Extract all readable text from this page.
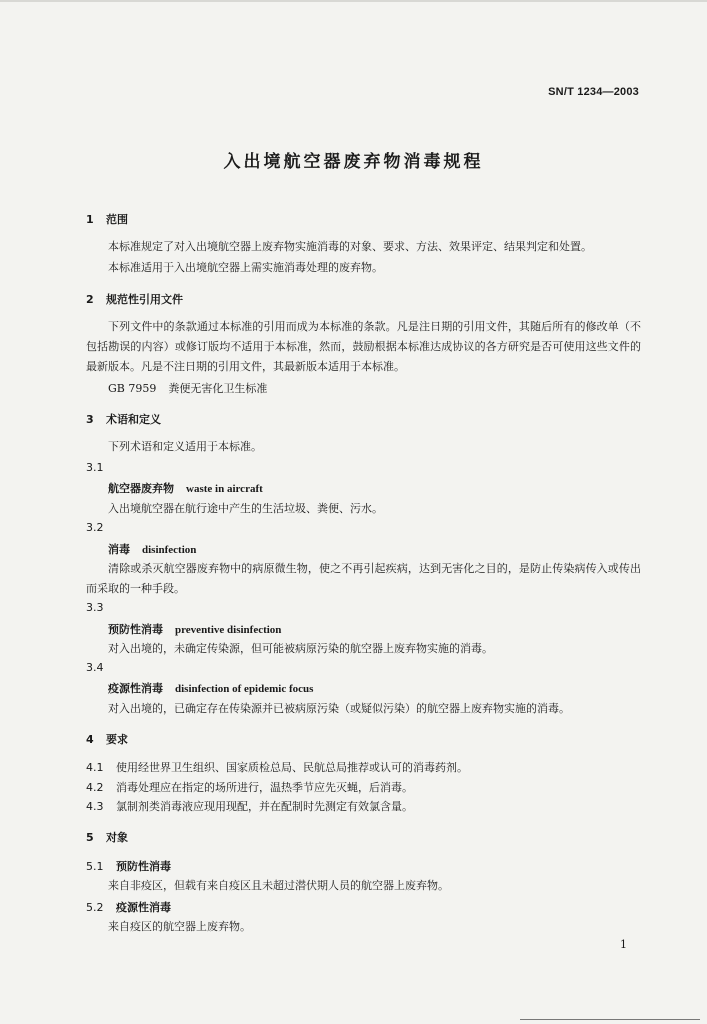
SN/T 1234—2003
入出境航空器废弃物消毒规程
1 范围
本标准规定了对入出境航空器上废弃物实施消毒的对象、要求、方法、效果评定、结果判定和处置。
本标准适用于入出境航空器上需实施消毒处理的废弃物。
2 规范性引用文件
下列文件中的条款通过本标准的引用而成为本标准的条款。凡是注日期的引用文件，其随后所有的修改单（不包括勘误的内容）或修订版均不适用于本标准，然而，鼓励根据本标准达成协议的各方研究是否可使用这些文件的最新版本。凡是不注日期的引用文件，其最新版本适用于本标准。
GB 7959 粪便无害化卫生标准
3 术语和定义
下列术语和定义适用于本标准。
3.1
航空器废弃物 waste in aircraft
入出境航空器在航行途中产生的生活垃圾、粪便、污水。
3.2
消毒 disinfection
清除或杀灭航空器废弃物中的病原微生物，使之不再引起疾病，达到无害化之目的，是防止传染病传入或传出而采取的一种手段。
3.3
预防性消毒 preventive disinfection
对入出境的，未确定传染源，但可能被病原污染的航空器上废弃物实施的消毒。
3.4
疫源性消毒 disinfection of epidemic focus
对入出境的，已确定存在传染源并已被病原污染（或疑似污染）的航空器上废弃物实施的消毒。
4 要求
4.1 使用经世界卫生组织、国家质检总局、民航总局推荐或认可的消毒药剂。
4.2 消毒处理应在指定的场所进行，温热季节应先灭蝇，后消毒。
4.3 氯制剂类消毒液应现用现配，并在配制时先测定有效氯含量。
5 对象
5.1 预防性消毒
来自非疫区，但载有来自疫区且未超过潜伏期人员的航空器上废弃物。
5.2 疫源性消毒
来自疫区的航空器上废弃物。
1
